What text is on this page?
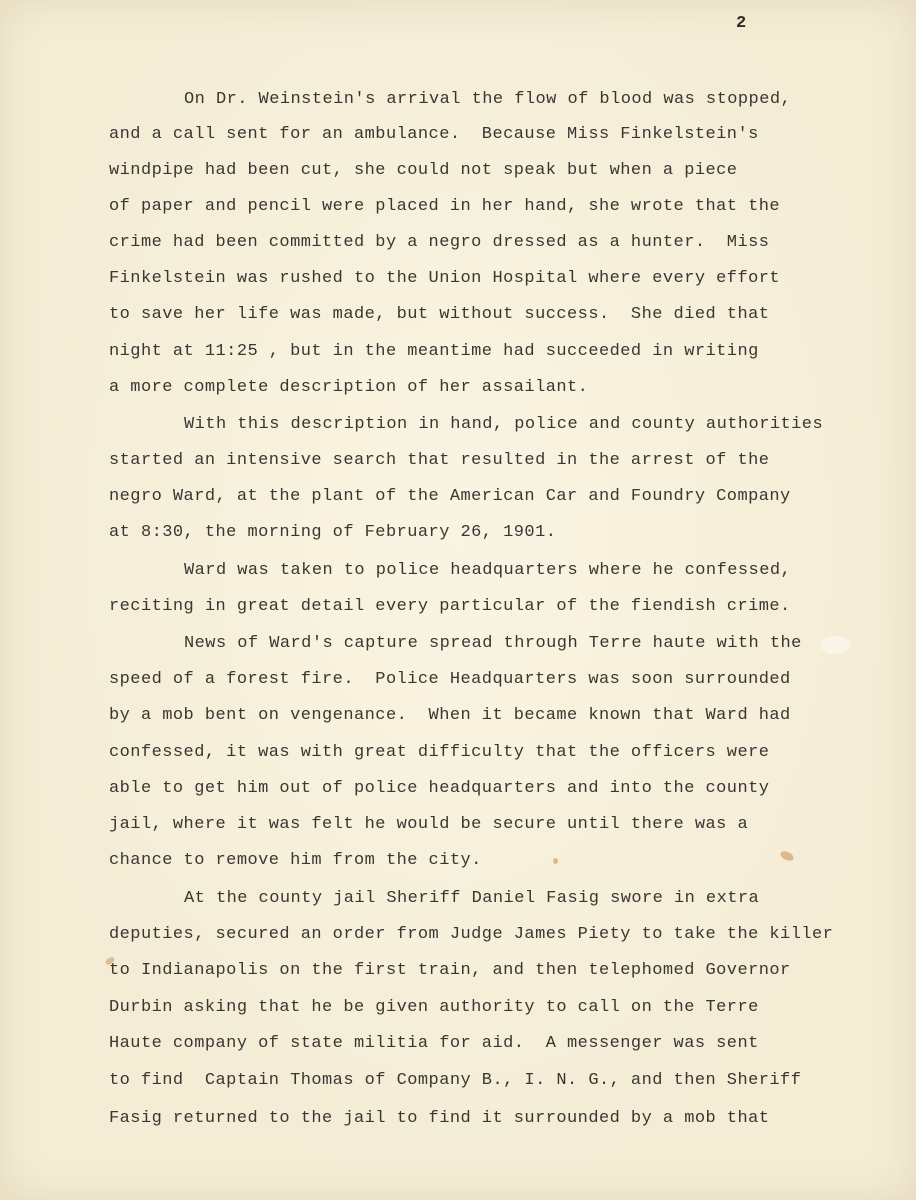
2
On Dr. Weinstein's arrival the flow of blood was stopped,
and a call sent for an ambulance.  Because Miss Finkelstein's
windpipe had been cut, she could not speak but when a piece
of paper and pencil were placed in her hand, she wrote that the
crime had been committed by a negro dressed as a hunter.  Miss
Finkelstein was rushed to the Union Hospital where every effort
to save her life was made, but without success.  She died that
night at 11:25 , but in the meantime had succeeded in writing
a more complete description of her assailant.
With this description in hand, police and county authorities
started an intensive search that resulted in the arrest of the
negro Ward, at the plant of the American Car and Foundry Company
at 8:30, the morning of February 26, 1901.
Ward was taken to police headquarters where he confessed,
reciting in great detail every particular of the fiendish crime.
News of Ward's capture spread through Terre haute with the
speed of a forest fire.  Police Headquarters was soon surrounded
by a mob bent on vengenance.  When it became known that Ward had
confessed, it was with great difficulty that the officers were
able to get him out of police headquarters and into the county
jail, where it was felt he would be secure until there was a
chance to remove him from the city.
At the county jail Sheriff Daniel Fasig swore in extra
deputies, secured an order from Judge James Piety to take the killer
to Indianapolis on the first train, and then telephomed Governor
Durbin asking that he be given authority to call on the Terre
Haute company of state militia for aid.  A messenger was sent
to find  Captain Thomas of Company B., I. N. G., and then Sheriff
Fasig returned to the jail to find it surrounded by a mob that
